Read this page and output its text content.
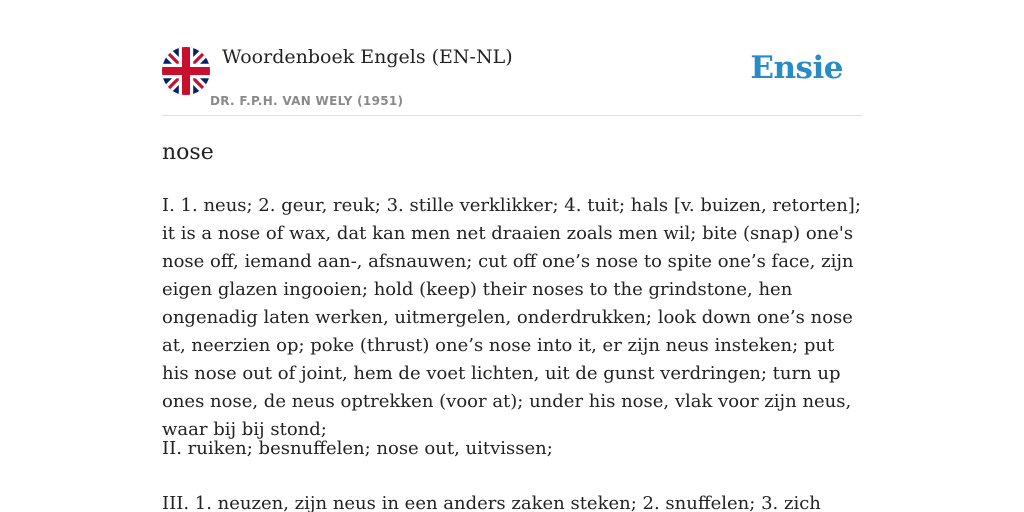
Woordenboek Engels (EN-NL)
DR. F.P.H. VAN WELY (1951)
Ensie
nose

I. 1. neus; 2. geur, reuk; 3. stille verklikker; 4. tuit; hals [v. buizen, retorten]; it is a nose of wax, dat kan men net draaien zoals men wil; bite (snap) one's nose off, iemand aan-, afsnauwen; cut off one’s nose to spite one’s face, zijn eigen glazen ingooien; hold (keep) their noses to the grindstone, hen ongenadig laten werken, uitmergelen, onderdrukken; look down one’s nose at, neerzien op; poke (thrust) one’s nose into it, er zijn neus insteken; put his nose out of joint, hem de voet lichten, uit de gunst verdringen; turn up ones nose, de neus optrekken (voor at); under his nose, vlak voor zijn neus, waar bij bij stond;

II. ruiken; besnuffelen; nose out, uitvissen;

III. 1. neuzen, zijn neus in een anders zaken steken; 2. snuffelen; 3. zich
